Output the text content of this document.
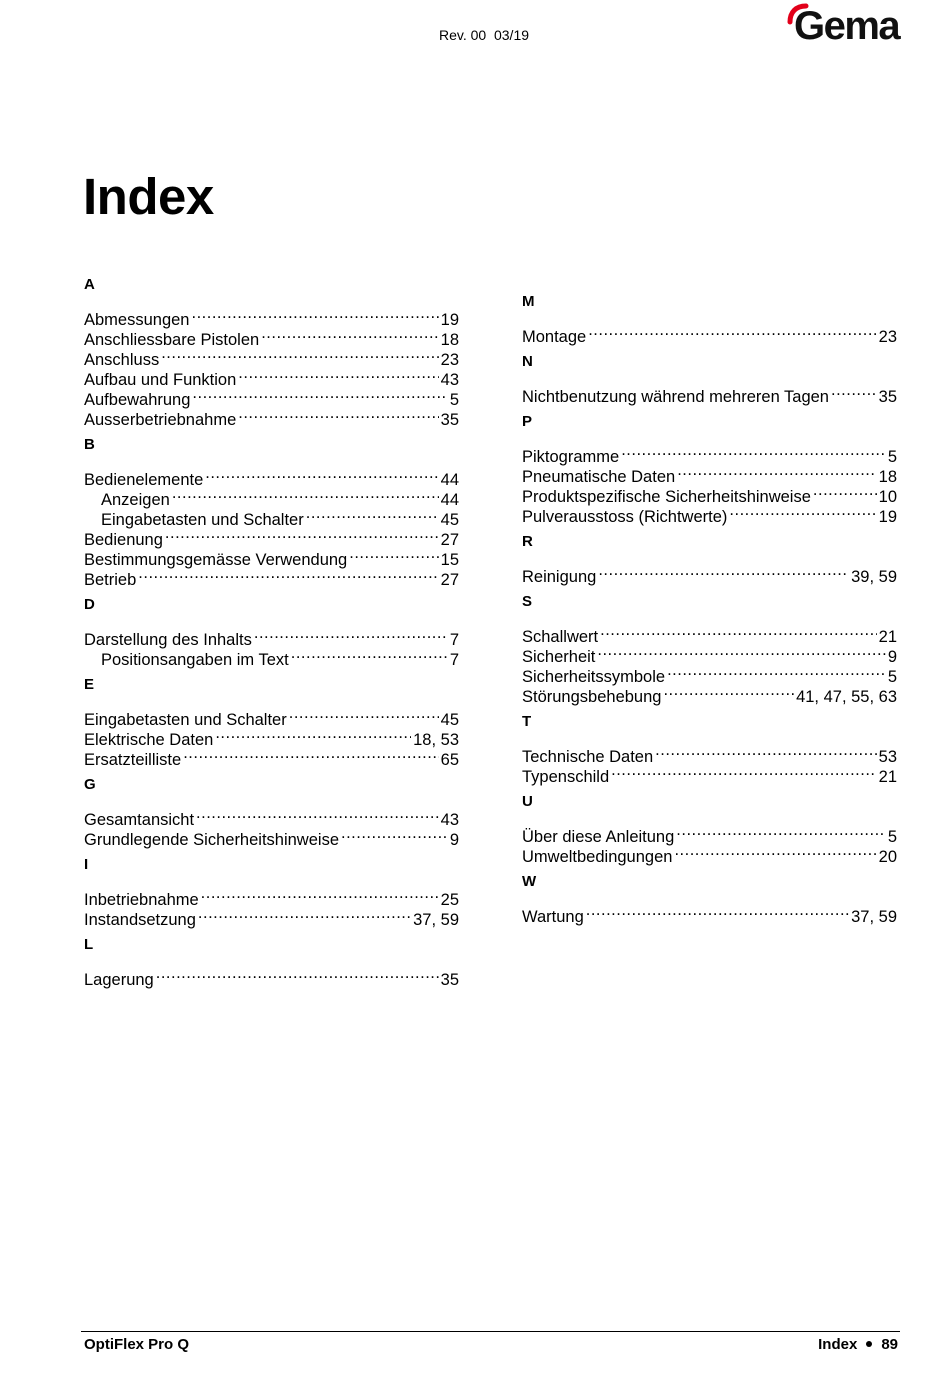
Rev. 00  03/19	Gema
Index
A
Abmessungen .....	19
Anschliessbare Pistolen .....	18
Anschluss .....	23
Aufbau und Funktion .....	43
Aufbewahrung .....	5
Ausserbetriebnahme .....	35
B
Bedienelemente .....	44
Anzeigen .....	44
Eingabetasten und Schalter .....	45
Bedienung .....	27
Bestimmungsgemässe Verwendung .....	15
Betrieb .....	27
D
Darstellung des Inhalts .....	7
Positionsangaben im Text .....	7
E
Eingabetasten und Schalter .....	45
Elektrische Daten .....	18, 53
Ersatzteilliste .....	65
G
Gesamtansicht .....	43
Grundlegende Sicherheitshinweise .....	9
I
Inbetriebnahme .....	25
Instandsetzung .....	37, 59
L
Lagerung .....	35
M
Montage .....	23
N
Nichtbenutzung während mehreren Tagen .....	35
P
Piktogramme .....	5
Pneumatische Daten .....	18
Produktspezifische Sicherheitshinweise .....	10
Pulverausstoss (Richtwerte) .....	19
R
Reinigung .....	39, 59
S
Schallwert .....	21
Sicherheit .....	9
Sicherheitssymbole .....	5
Störungsbehebung .....	41, 47, 55, 63
T
Technische Daten .....	53
Typenschild .....	21
U
Über diese Anleitung .....	5
Umweltbedingungen .....	20
W
Wartung .....	37, 59
OptiFlex Pro Q	Index 89
